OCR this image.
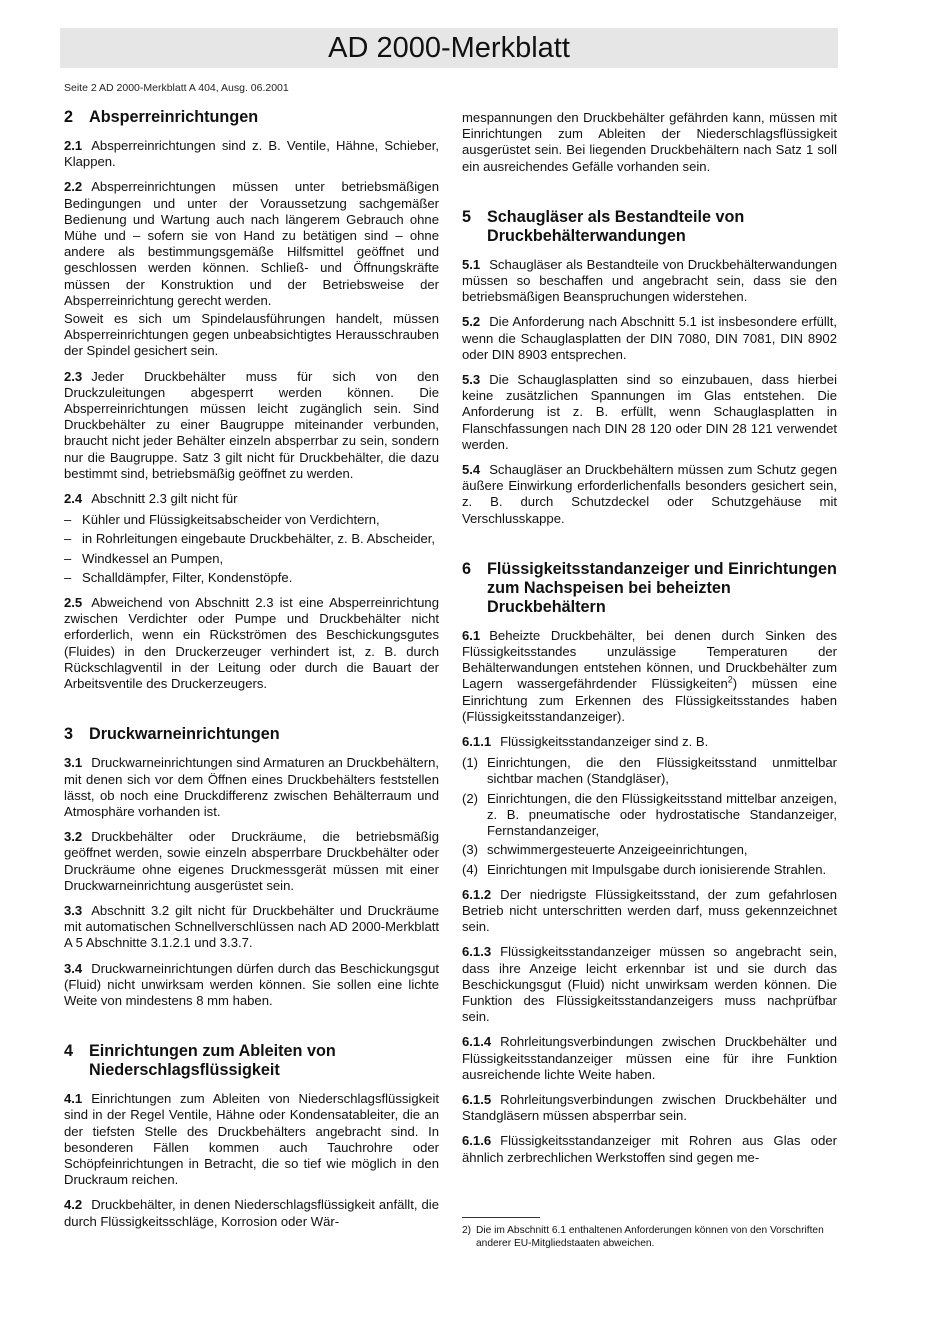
AD 2000-Merkblatt
Seite 2 AD 2000-Merkblatt A 404, Ausg. 06.2001
2 Absperreinrichtungen

2.1 Absperreinrichtungen sind z. B. Ventile, Hähne, Schieber, Klappen.

2.2 Absperreinrichtungen müssen unter betriebsmäßigen Bedingungen und unter der Voraussetzung sachgemäßer Bedienung und Wartung auch nach längerem Gebrauch ohne Mühe und – sofern sie von Hand zu betätigen sind – ohne andere als bestimmungsgemäße Hilfsmittel geöffnet und geschlossen werden können. Schließ- und Öffnungskräfte müssen der Konstruktion und der Betriebsweise der Absperreinrichtung gerecht werden.

Soweit es sich um Spindelausführungen handelt, müssen Absperreinrichtungen gegen unbeabsichtigtes Herausschrauben der Spindel gesichert sein.

2.3 Jeder Druckbehälter muss für sich von den Druckzuleitungen abgesperrt werden können. Die Absperreinrichtungen müssen leicht zugänglich sein. Sind Druckbehälter zu einer Baugruppe miteinander verbunden, braucht nicht jeder Behälter einzeln absperrbar zu sein, sondern nur die Baugruppe. Satz 3 gilt nicht für Druckbehälter, die dazu bestimmt sind, betriebsmäßig geöffnet zu werden.

2.4 Abschnitt 2.3 gilt nicht für

– Kühler und Flüssigkeitsabscheider von Verdichtern,
– in Rohrleitungen eingebaute Druckbehälter, z. B. Abscheider,
– Windkessel an Pumpen,
– Schalldämpfer, Filter, Kondenstöpfe.

2.5 Abweichend von Abschnitt 2.3 ist eine Absperreinrichtung zwischen Verdichter oder Pumpe und Druckbehälter nicht erforderlich, wenn ein Rückströmen des Beschickungsgutes (Fluides) in den Druckerzeuger verhindert ist, z. B. durch Rückschlagventil in der Leitung oder durch die Bauart der Arbeitsventile des Druckerzeugers.

3 Druckwarneinrichtungen

3.1 Druckwarneinrichtungen sind Armaturen an Druckbehältern, mit denen sich vor dem Öffnen eines Druckbehälters feststellen lässt, ob noch eine Druckdifferenz zwischen Behälterraum und Atmosphäre vorhanden ist.

3.2 Druckbehälter oder Druckräume, die betriebsmäßig geöffnet werden, sowie einzeln absperrbare Druckbehälter oder Druckräume ohne eigenes Druckmessgerät müssen mit einer Druckwarneinrichtung ausgerüstet sein.

3.3 Abschnitt 3.2 gilt nicht für Druckbehälter und Druckräume mit automatischen Schnellverschlüssen nach AD 2000-Merkblatt A 5 Abschnitte 3.1.2.1 und 3.3.7.

3.4 Druckwarneinrichtungen dürfen durch das Beschickungsgut (Fluid) nicht unwirksam werden können. Sie sollen eine lichte Weite von mindestens 8 mm haben.

4 Einrichtungen zum Ableiten von Niederschlagsflüssigkeit

4.1 Einrichtungen zum Ableiten von Niederschlagsflüssigkeit sind in der Regel Ventile, Hähne oder Kondensatableiter, die an der tiefsten Stelle des Druckbehälters angebracht sind. In besonderen Fällen kommen auch Tauchrohre oder Schöpfeinrichtungen in Betracht, die so tief wie möglich in den Druckraum reichen.

4.2 Druckbehälter, in denen Niederschlagsflüssigkeit anfällt, die durch Flüssigkeitsschläge, Korrosion oder Wär-

mespannungen den Druckbehälter gefährden kann, müssen mit Einrichtungen zum Ableiten der Niederschlagsflüssigkeit ausgerüstet sein. Bei liegenden Druckbehältern nach Satz 1 soll ein ausreichendes Gefälle vorhanden sein.

5 Schaugläser als Bestandteile von Druckbehälterwandungen

5.1 Schaugläser als Bestandteile von Druckbehälterwandungen müssen so beschaffen und angebracht sein, dass sie den betriebsmäßigen Beanspruchungen widerstehen.

5.2 Die Anforderung nach Abschnitt 5.1 ist insbesondere erfüllt, wenn die Schauglasplatten der DIN 7080, DIN 7081, DIN 8902 oder DIN 8903 entsprechen.

5.3 Die Schauglasplatten sind so einzubauen, dass hierbei keine zusätzlichen Spannungen im Glas entstehen. Die Anforderung ist z. B. erfüllt, wenn Schauglasplatten in Flanschfassungen nach DIN 28 120 oder DIN 28 121 verwendet werden.

5.4 Schaugläser an Druckbehältern müssen zum Schutz gegen äußere Einwirkung erforderlichenfalls besonders gesichert sein, z. B. durch Schutzdeckel oder Schutzgehäuse mit Verschlusskappe.

6 Flüssigkeitsstandanzeiger und Einrichtungen zum Nachspeisen bei beheizten Druckbehältern

6.1 Beheizte Druckbehälter, bei denen durch Sinken des Flüssigkeitsstandes unzulässige Temperaturen der Behälterwandungen entstehen können, und Druckbehälter zum Lagern wassergefährdender Flüssigkeiten$^2$) müssen eine Einrichtung zum Erkennen des Flüssigkeitsstandes haben (Flüssigkeitsstandanzeiger).

6.1.1 Flüssigkeitsstandanzeiger sind z. B.

(1) Einrichtungen, die den Flüssigkeitsstand unmittelbar sichtbar machen (Standgläser),
(2) Einrichtungen, die den Flüssigkeitsstand mittelbar anzeigen, z. B. pneumatische oder hydrostatische Standanzeiger, Fernstandanzeiger,
(3) schwimmergesteuerte Anzeigeeinrichtungen,
(4) Einrichtungen mit Impulsgabe durch ionisierende Strahlen.

6.1.2 Der niedrigste Flüssigkeitsstand, der zum gefahrlosen Betrieb nicht unterschritten werden darf, muss gekennzeichnet sein.

6.1.3 Flüssigkeitsstandanzeiger müssen so angebracht sein, dass ihre Anzeige leicht erkennbar ist und sie durch das Beschickungsgut (Fluid) nicht unwirksam werden können. Die Funktion des Flüssigkeitsstandanzeigers muss nachprüfbar sein.

6.1.4 Rohrleitungsverbindungen zwischen Druckbehälter und Flüssigkeitsstandanzeiger müssen eine für ihre Funktion ausreichende lichte Weite haben.

6.1.5 Rohrleitungsverbindungen zwischen Druckbehälter und Standgläsern müssen absperrbar sein.

6.1.6 Flüssigkeitsstandanzeiger mit Rohren aus Glas oder ähnlich zerbrechlichen Werkstoffen sind gegen me-

2) Die im Abschnitt 6.1 enthaltenen Anforderungen können von den Vorschriften anderer EU-Mitgliedstaaten abweichen.
